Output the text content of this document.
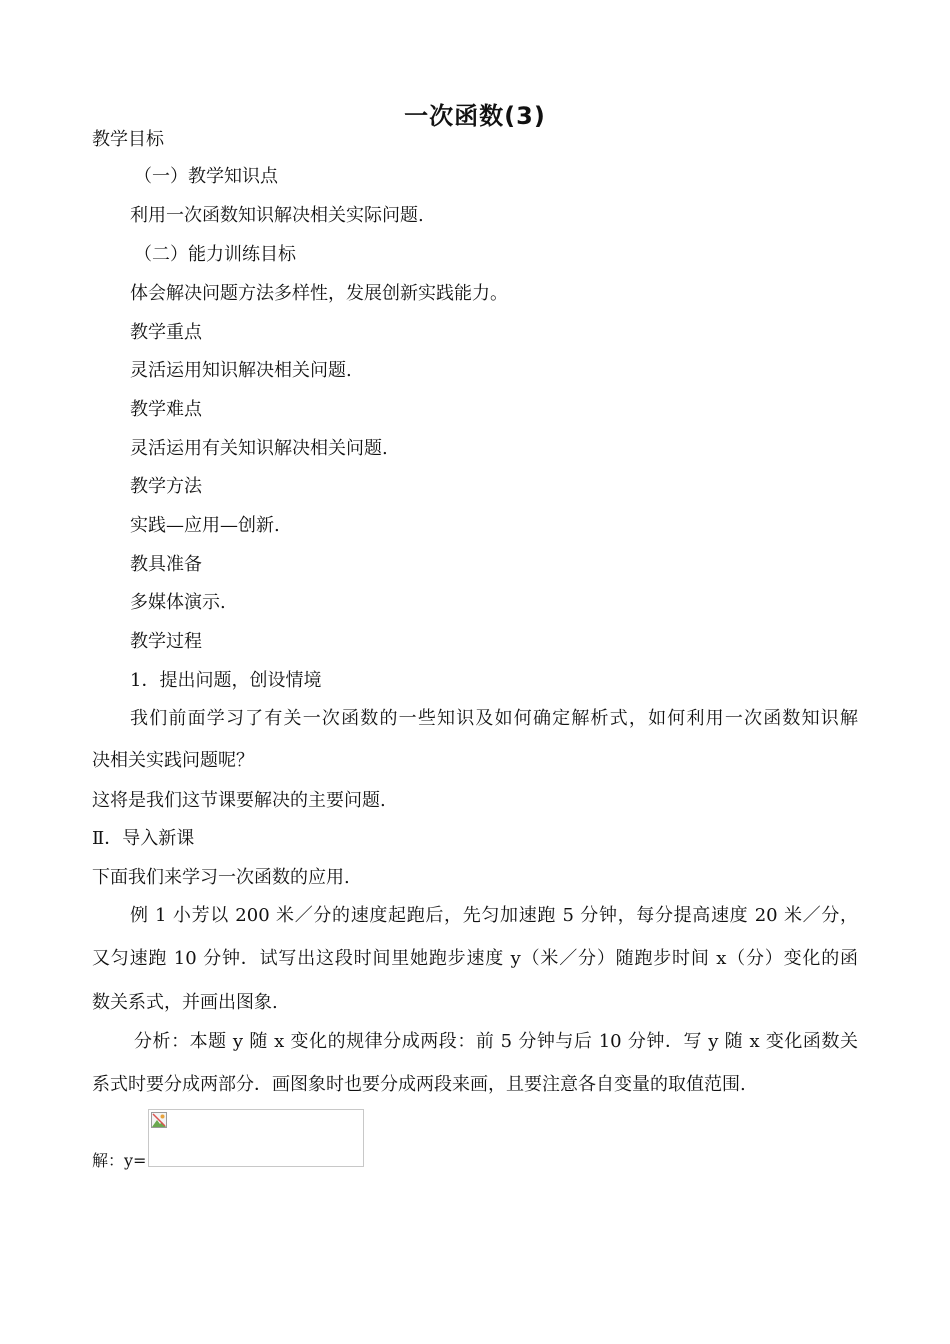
一次函数(3)
教学目标
（一）教学知识点
利用一次函数知识解决相关实际问题.
（二）能力训练目标
体会解决问题方法多样性，发展创新实践能力。
教学重点
灵活运用知识解决相关问题.
教学难点
灵活运用有关知识解决相关问题.
教学方法
实践—应用—创新.
教具准备
多媒体演示.
教学过程
1．提出问题，创设情境
我们前面学习了有关一次函数的一些知识及如何确定解析式，如何利用一次函数知识解
决相关实践问题呢？
这将是我们这节课要解决的主要问题.
Ⅱ．导入新课
下面我们来学习一次函数的应用.
例 1 小芳以 200 米／分的速度起跑后，先匀加速跑 5 分钟，每分提高速度 20 米／分，
又匀速跑 10 分钟．试写出这段时间里她跑步速度 y（米／分）随跑步时间 x（分）变化的函
数关系式，并画出图象.
分析：本题 y 随 x 变化的规律分成两段：前 5 分钟与后 10 分钟．写 y 随 x 变化函数关
系式时要分成两部分．画图象时也要分成两段来画，且要注意各自变量的取值范围.
解：y=
